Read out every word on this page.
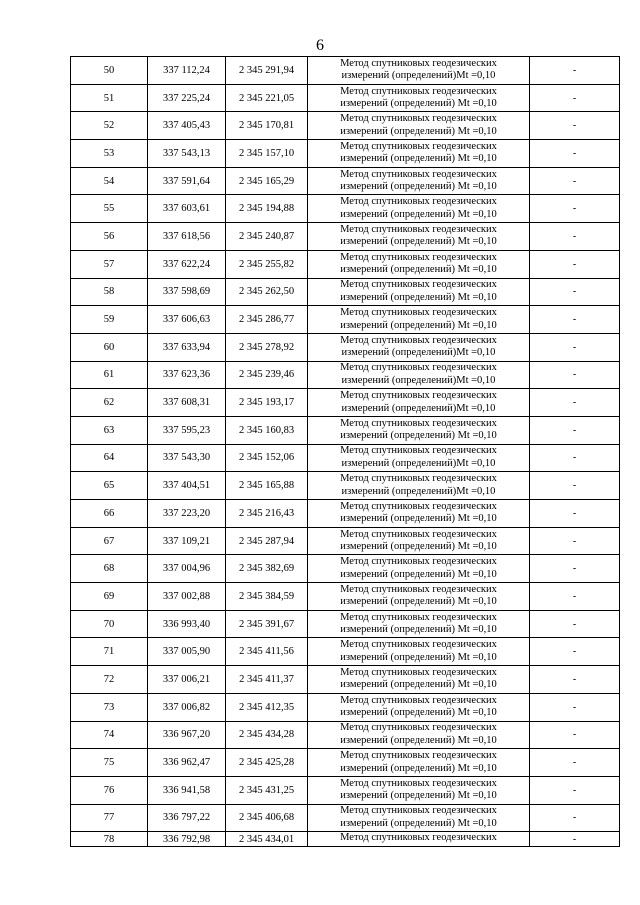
6
50	337 112,24	2 345 291,94	Метод спутниковых геодезических
измерений (определений)Mt =0,10	-
51	337 225,24	2 345 221,05	Метод спутниковых геодезических
измерений (определений) Mt =0,10	-
52	337 405,43	2 345 170,81	Метод спутниковых геодезических
измерений (определений) Mt =0,10	-
53	337 543,13	2 345 157,10	Метод спутниковых геодезических
измерений (определений) Mt =0,10	-
54	337 591,64	2 345 165,29	Метод спутниковых геодезических
измерений (определений) Mt =0,10	-
55	337 603,61	2 345 194,88	Метод спутниковых геодезических
измерений (определений) Mt =0,10	-
56	337 618,56	2 345 240,87	Метод спутниковых геодезических
измерений (определений) Mt =0,10	-
57	337 622,24	2 345 255,82	Метод спутниковых геодезических
измерений (определений) Mt =0,10	-
58	337 598,69	2 345 262,50	Метод спутниковых геодезических
измерений (определений) Mt =0,10	-
59	337 606,63	2 345 286,77	Метод спутниковых геодезических
измерений (определений) Mt =0,10	-
60	337 633,94	2 345 278,92	Метод спутниковых геодезических
измерений (определений)Mt =0,10	-
61	337 623,36	2 345 239,46	Метод спутниковых геодезических
измерений (определений)Mt =0,10	-
62	337 608,31	2 345 193,17	Метод спутниковых геодезических
измерений (определений)Mt =0,10	-
63	337 595,23	2 345 160,83	Метод спутниковых геодезических
измерений (определений) Mt =0,10	-
64	337 543,30	2 345 152,06	Метод спутниковых геодезических
измерений (определений)Mt =0,10	-
65	337 404,51	2 345 165,88	Метод спутниковых геодезических
измерений (определений)Mt =0,10	-
66	337 223,20	2 345 216,43	Метод спутниковых геодезических
измерений (определений) Mt =0,10	-
67	337 109,21	2 345 287,94	Метод спутниковых геодезических
измерений (определений) Mt =0,10	-
68	337 004,96	2 345 382,69	Метод спутниковых геодезических
измерений (определений) Mt =0,10	-
69	337 002,88	2 345 384,59	Метод спутниковых геодезических
измерений (определений) Mt =0,10	-
70	336 993,40	2 345 391,67	Метод спутниковых геодезических
измерений (определений) Mt =0,10	-
71	337 005,90	2 345 411,56	Метод спутниковых геодезических
измерений (определений) Mt =0,10	-
72	337 006,21	2 345 411,37	Метод спутниковых геодезических
измерений (определений) Mt =0,10	-
73	337 006,82	2 345 412,35	Метод спутниковых геодезических
измерений (определений) Mt =0,10	-
74	336 967,20	2 345 434,28	Метод спутниковых геодезических
измерений (определений) Mt =0,10	-
75	336 962,47	2 345 425,28	Метод спутниковых геодезических
измерений (определений) Mt =0,10	-
76	336 941,58	2 345 431,25	Метод спутниковых геодезических
измерений (определений) Mt =0,10	-
77	336 797,22	2 345 406,68	Метод спутниковых геодезических
измерений (определений) Mt =0,10	-
78	336 792,98	2 345 434,01	Метод спутниковых геодезических	-
